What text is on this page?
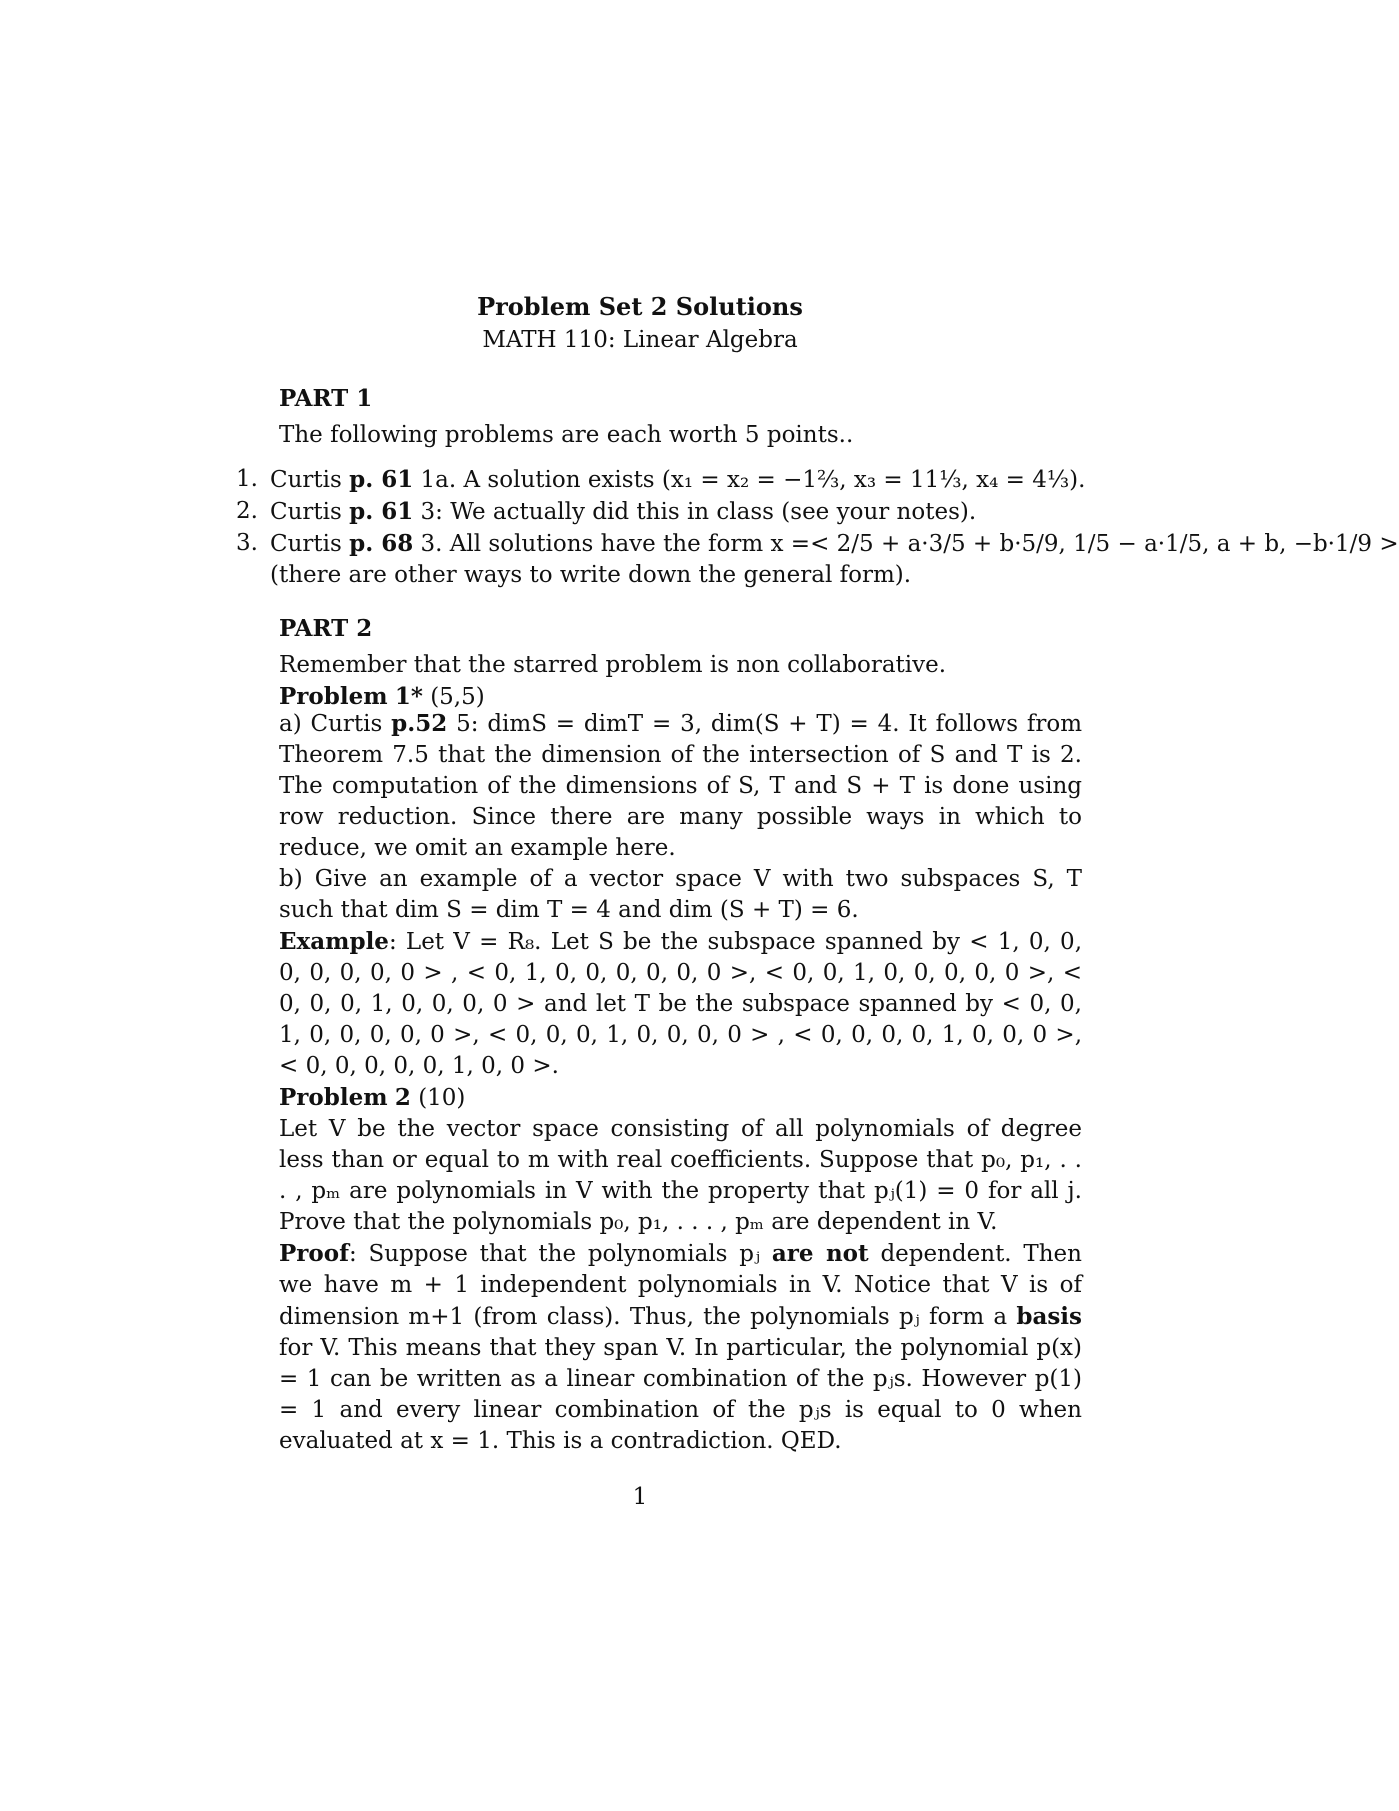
Problem Set 2 Solutions

MATH 110: Linear Algebra

PART 1

The following problems are each worth 5 points..

1. Curtis p. 61 1a. A solution exists (x₁ = x₂ = −1⅔, x₃ = 11⅓, x₄ = 4⅓).
2. Curtis p. 61 3: We actually did this in class (see your notes).
3. Curtis p. 68 3. All solutions have the form x =< 2/5 + a·3/5 + b·5/9, 1/5 − a·1/5, a + b, −b·1/9 >
(there are other ways to write down the general form).

PART 2

Remember that the starred problem is non collaborative.

Problem 1* (5,5)

a) Curtis p.52 5: dimS = dimT = 3, dim(S + T) = 4. It follows from Theorem 7.5 that the dimension of the intersection of S and T is 2. The computation of the dimensions of S, T and S + T is done using row reduction. Since there are many possible ways in which to reduce, we omit an example here.

b) Give an example of a vector space V with two subspaces S, T such that dim S = dim T = 4 and dim (S + T) = 6.

Example: Let V = R₈. Let S be the subspace spanned by < 1, 0, 0, 0, 0, 0, 0, 0 > , < 0, 1, 0, 0, 0, 0, 0, 0 >, < 0, 0, 1, 0, 0, 0, 0, 0 >, < 0, 0, 0, 1, 0, 0, 0, 0 > and let T be the subspace spanned by < 0, 0, 1, 0, 0, 0, 0, 0 >, < 0, 0, 0, 1, 0, 0, 0, 0 > , < 0, 0, 0, 0, 1, 0, 0, 0 >, < 0, 0, 0, 0, 0, 1, 0, 0 >.

Problem 2 (10)

Let V be the vector space consisting of all polynomials of degree less than or equal to m with real coefficients. Suppose that p₀, p₁, . . . , pₘ are polynomials in V with the property that pⱼ(1) = 0 for all j. Prove that the polynomials p₀, p₁, . . . , pₘ are dependent in V.

Proof: Suppose that the polynomials pⱼ are not dependent. Then we have m + 1 independent polynomials in V. Notice that V is of dimension m+1 (from class). Thus, the polynomials pⱼ form a basis for V. This means that they span V. In particular, the polynomial p(x) = 1 can be written as a linear combination of the pⱼs. However p(1) = 1 and every linear combination of the pⱼs is equal to 0 when evaluated at x = 1. This is a contradiction. QED.

1
